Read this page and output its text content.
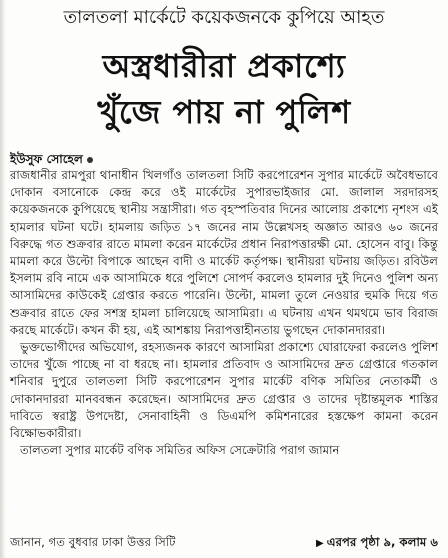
তালতলা মার্কেটে কয়েকজনকে কুপিয়ে আহত
অস্ত্রধারীরা প্রকাশ্যে
খুঁজে পায় না পুলিশ
ইউসুফ সোহেল

রাজধানীর রামপুরা থানাধীন খিলগাঁও তালতলা সিটি করপোরেশন সুপার মার্কেটে অবৈধভাবে দোকান বসানোকে কেন্দ্র করে ওই মার্কেটের সুপারভাইজার মো. জালাল সরদারসহ কয়েকজনকে কুপিয়েছে স্থানীয় সন্ত্রাসীরা। গত বৃহস্পতিবার দিনের আলোয় প্রকাশ্যে নৃশংস এই হামলার ঘটনা ঘটে। হামলায় জড়িত ১৭ জনের নাম উল্লেখসহ অজ্ঞাত আরও ৬০ জনের বিরুদ্ধে গত শুক্রবার রাতে মামলা করেন মার্কেটের প্রধান নিরাপত্তারক্ষী মো. হোসেন বাবু। কিন্তু মামলা করে উল্টো বিপাকে আছেন বাদী ও মার্কেট কর্তৃপক্ষ। স্থানীয়রা ঘটনায় জড়িত। রবিউল ইসলাম রবি নামে এক আসামিকে ধরে পুলিশে সোপর্দ করলেও হামলার দুই দিনেও পুলিশ অন্য আসামিদের কাউকেই গ্রেপ্তার করতে পারেনি। উল্টো, মামলা তুলে নেওয়ার হুমকি দিয়ে গত শুক্রবার রাতে ফের সশস্ত্র হামলা চালিয়েছে আসামিরা। এ ঘটনায় এখন থমথমে ভাব বিরাজ করছে মার্কেটে। কখন কী হয়, এই আশঙ্কায় নিরাপত্তাহীনতায় ভুগছেন দোকানদাররা।

ভুক্তভোগীদের অভিযোগ, রহস্যজনক কারণে আসামিরা প্রকাশ্যে ঘোরাফেরা করলেও পুলিশ তাদের খুঁজে পাচ্ছে না বা ধরছে না। হামলার প্রতিবাদ ও আসামিদের দ্রুত গ্রেপ্তারে গতকাল শনিবার দুপুরে তালতলা সিটি করপোরেশন সুপার মার্কেট বণিক সমিতির নেতাকর্মী ও দোকানদাররা মানববন্ধন করেছেন। আসামিদের দ্রুত গ্রেপ্তার ও তাদের দৃষ্টান্তমূলক শাস্তির দাবিতে স্বরাষ্ট্র উপদেষ্টা, সেনাবাহিনী ও ডিএমপি কমিশনারের হস্তক্ষেপ কামনা করেন বিক্ষোভকারীরা।

তালতলা সুপার মার্কেট বণিক সমিতির অফিস সেক্রেটারি পরাগ জামান

জানান, গত বুধবার ঢাকা উত্তর সিটি	▶ এরপর পৃষ্ঠা ৯, কলাম ৬
